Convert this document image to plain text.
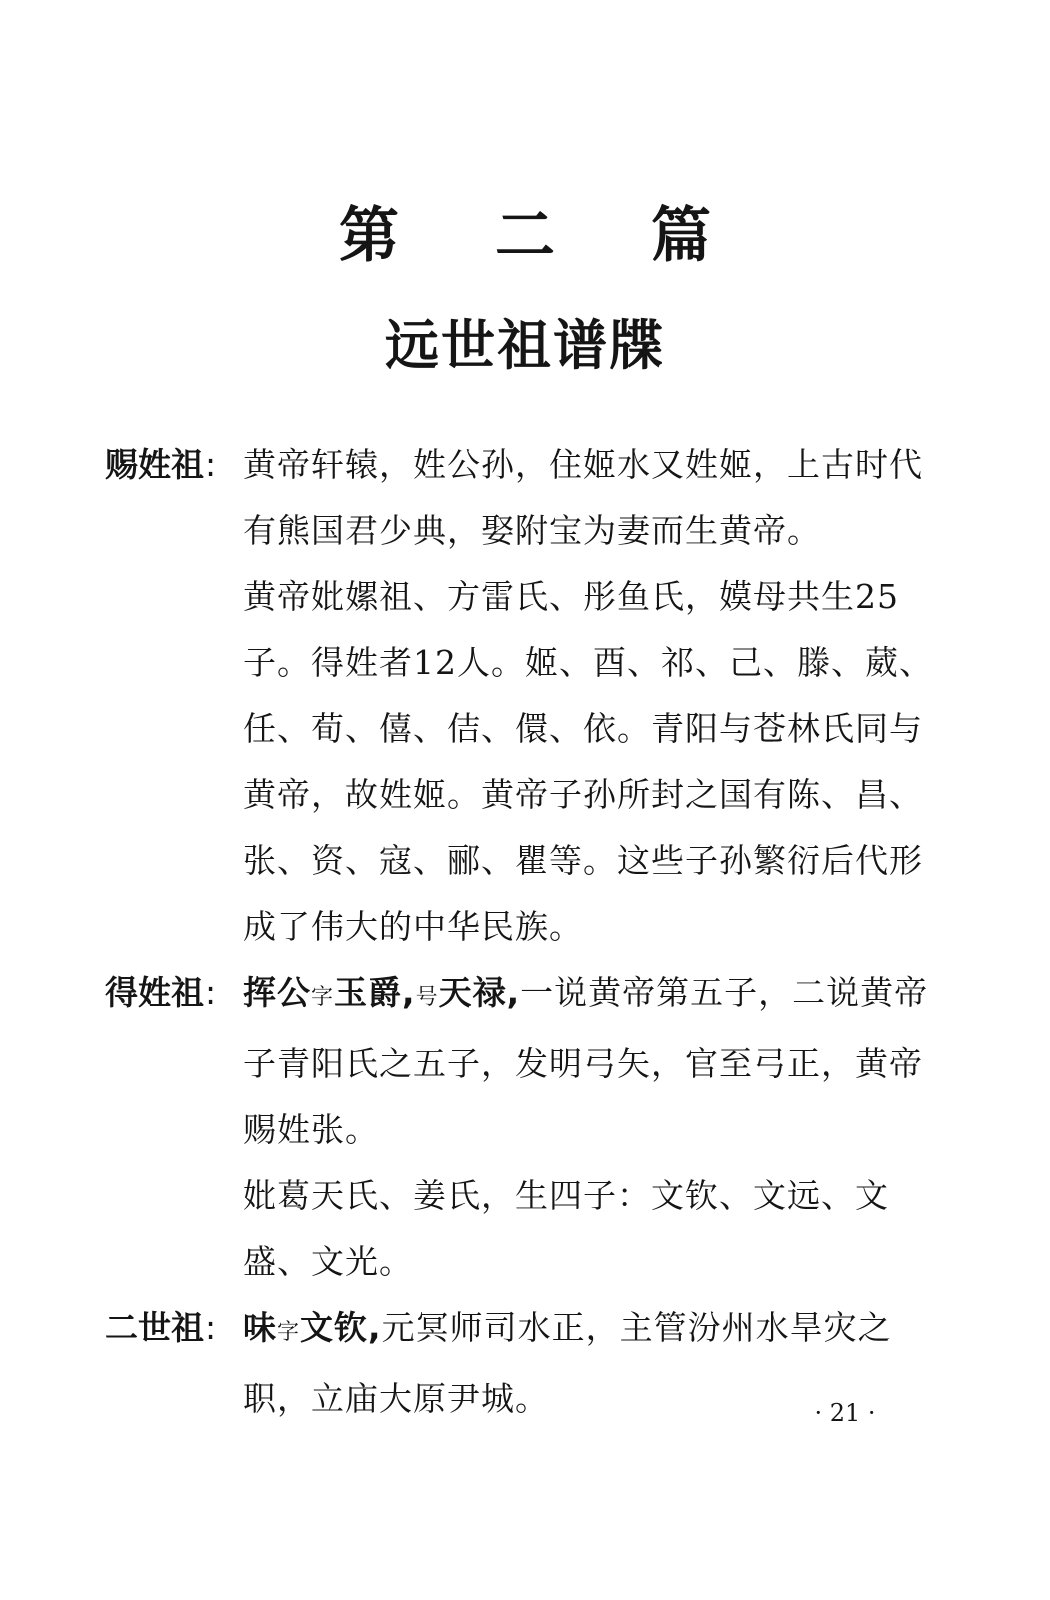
第 二 篇
远世祖谱牒
赐姓祖: 黄帝轩辕，姓公孙，住姬水又姓姬，上古时代有熊国君少典，娶附宝为妻而生黄帝。

黄帝妣嫘祖、方雷氏、彤鱼氏，嫫母共生25子。得姓者12人。姬、酉、祁、己、滕、葳、任、荀、僖、佶、儇、依。青阳与苍林氏同与黄帝，故姓姬。黄帝子孙所封之国有陈、昌、张、资、寇、郦、瞿等。这些子孙繁衍后代形成了伟大的中华民族。

得姓祖: 挥公字玉爵,号天禄,一说黄帝第五子，二说黄帝子青阳氏之五子，发明弓矢，官至弓正，黄帝赐姓张。

妣葛天氏、姜氏，生四子：文钦、文远、文盛、文光。

二世祖: 味字文钦,元冥师司水正，主管汾州水旱灾之职，立庙大原尹城。	· 21 ·
